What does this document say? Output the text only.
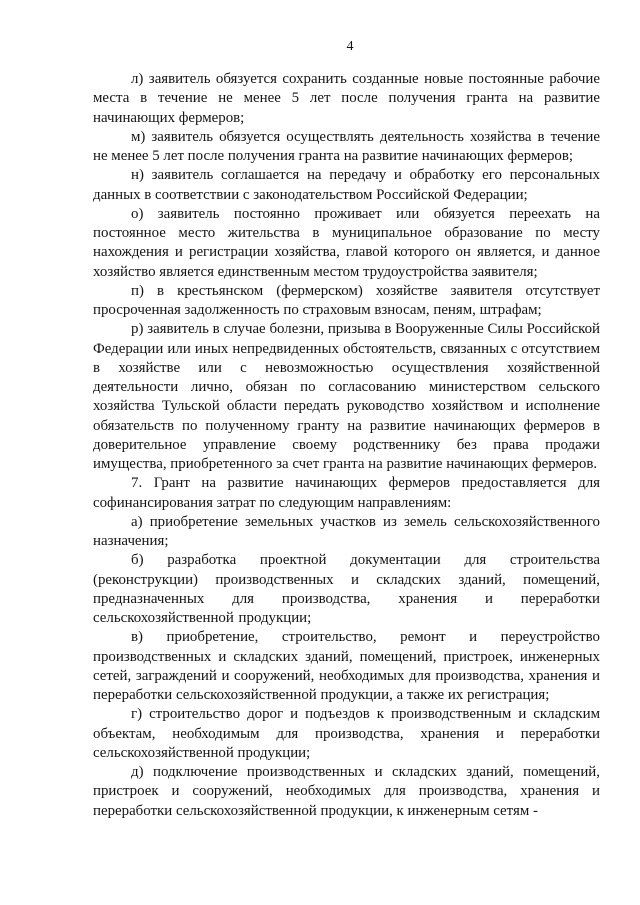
4

л) заявитель обязуется сохранить созданные новые постоянные рабочие места в течение не менее 5 лет после получения гранта на развитие начинающих фермеров;

м) заявитель обязуется осуществлять деятельность хозяйства в течение не менее 5 лет после получения гранта на развитие начинающих фермеров;

н) заявитель соглашается на передачу и обработку его персональных данных в соответствии с законодательством Российской Федерации;

о) заявитель постоянно проживает или обязуется переехать на постоянное место жительства в муниципальное образование по месту нахождения и регистрации хозяйства, главой которого он является, и данное хозяйство является единственным местом трудоустройства заявителя;

п) в крестьянском (фермерском) хозяйстве заявителя отсутствует просроченная задолженность по страховым взносам, пеням, штрафам;

р) заявитель в случае болезни, призыва в Вооруженные Силы Российской Федерации или иных непредвиденных обстоятельств, связанных с отсутствием в хозяйстве или с невозможностью осуществления хозяйственной деятельности лично, обязан по согласованию министерством сельского хозяйства Тульской области передать руководство хозяйством и исполнение обязательств по полученному гранту на развитие начинающих фермеров в доверительное управление своему родственнику без права продажи имущества, приобретенного за счет гранта на развитие начинающих фермеров.

7. Грант на развитие начинающих фермеров предоставляется для софинансирования затрат по следующим направлениям:

а) приобретение земельных участков из земель сельскохозяйственного назначения;

б) разработка проектной документации для строительства (реконструкции) производственных и складских зданий, помещений, предназначенных для производства, хранения и переработки сельскохозяйственной продукции;

в) приобретение, строительство, ремонт и переустройство производственных и складских зданий, помещений, пристроек, инженерных сетей, заграждений и сооружений, необходимых для производства, хранения и переработки сельскохозяйственной продукции, а также их регистрация;

г) строительство дорог и подъездов к производственным и складским объектам, необходимым для производства, хранения и переработки сельскохозяйственной продукции;

д) подключение производственных и складских зданий, помещений, пристроек и сооружений, необходимых для производства, хранения и переработки сельскохозяйственной продукции, к инженерным сетям -
